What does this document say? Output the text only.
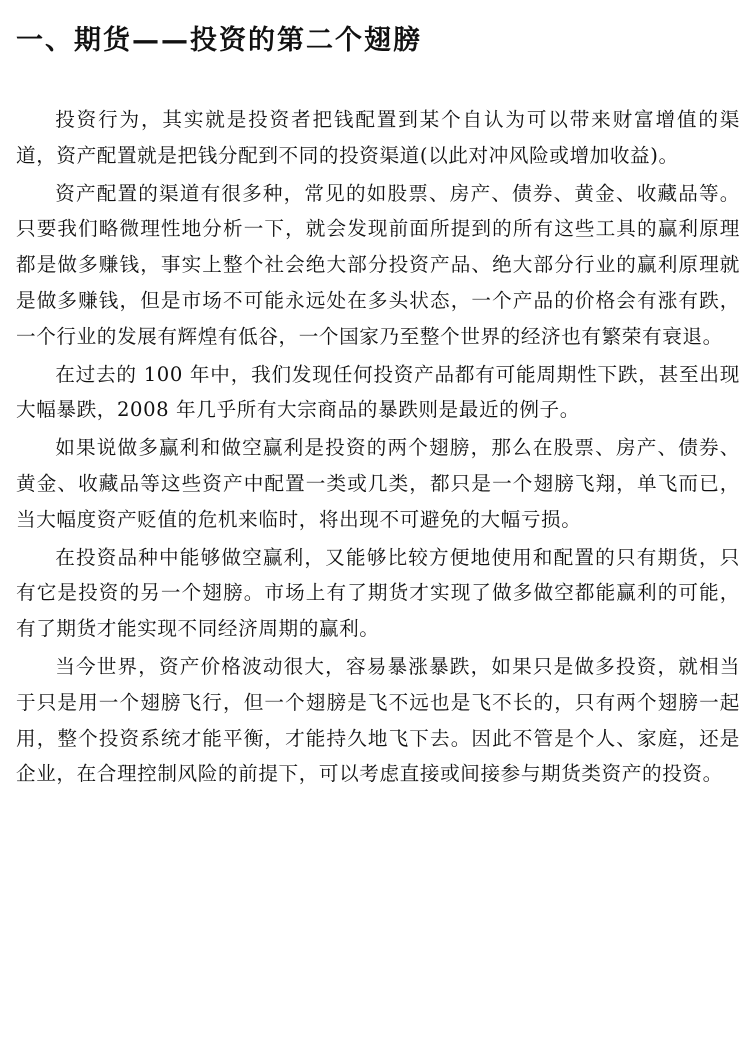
一、期货——投资的第二个翅膀

投资行为，其实就是投资者把钱配置到某个自认为可以带来财富增值的渠道，资产配置就是把钱分配到不同的投资渠道(以此对冲风险或增加收益)。

资产配置的渠道有很多种，常见的如股票、房产、债券、黄金、收藏品等。只要我们略微理性地分析一下，就会发现前面所提到的所有这些工具的赢利原理都是做多赚钱，事实上整个社会绝大部分投资产品、绝大部分行业的赢利原理就是做多赚钱，但是市场不可能永远处在多头状态，一个产品的价格会有涨有跌，一个行业的发展有辉煌有低谷，一个国家乃至整个世界的经济也有繁荣有衰退。

在过去的 100 年中，我们发现任何投资产品都有可能周期性下跌，甚至出现大幅暴跌，2008 年几乎所有大宗商品的暴跌则是最近的例子。

如果说做多赢利和做空赢利是投资的两个翅膀，那么在股票、房产、债券、黄金、收藏品等这些资产中配置一类或几类，都只是一个翅膀飞翔，单飞而已，当大幅度资产贬值的危机来临时，将出现不可避免的大幅亏损。

在投资品种中能够做空赢利，又能够比较方便地使用和配置的只有期货，只有它是投资的另一个翅膀。市场上有了期货才实现了做多做空都能赢利的可能，有了期货才能实现不同经济周期的赢利。

当今世界，资产价格波动很大，容易暴涨暴跌，如果只是做多投资，就相当于只是用一个翅膀飞行，但一个翅膀是飞不远也是飞不长的，只有两个翅膀一起用，整个投资系统才能平衡，才能持久地飞下去。因此不管是个人、家庭，还是企业，在合理控制风险的前提下，可以考虑直接或间接参与期货类资产的投资。
